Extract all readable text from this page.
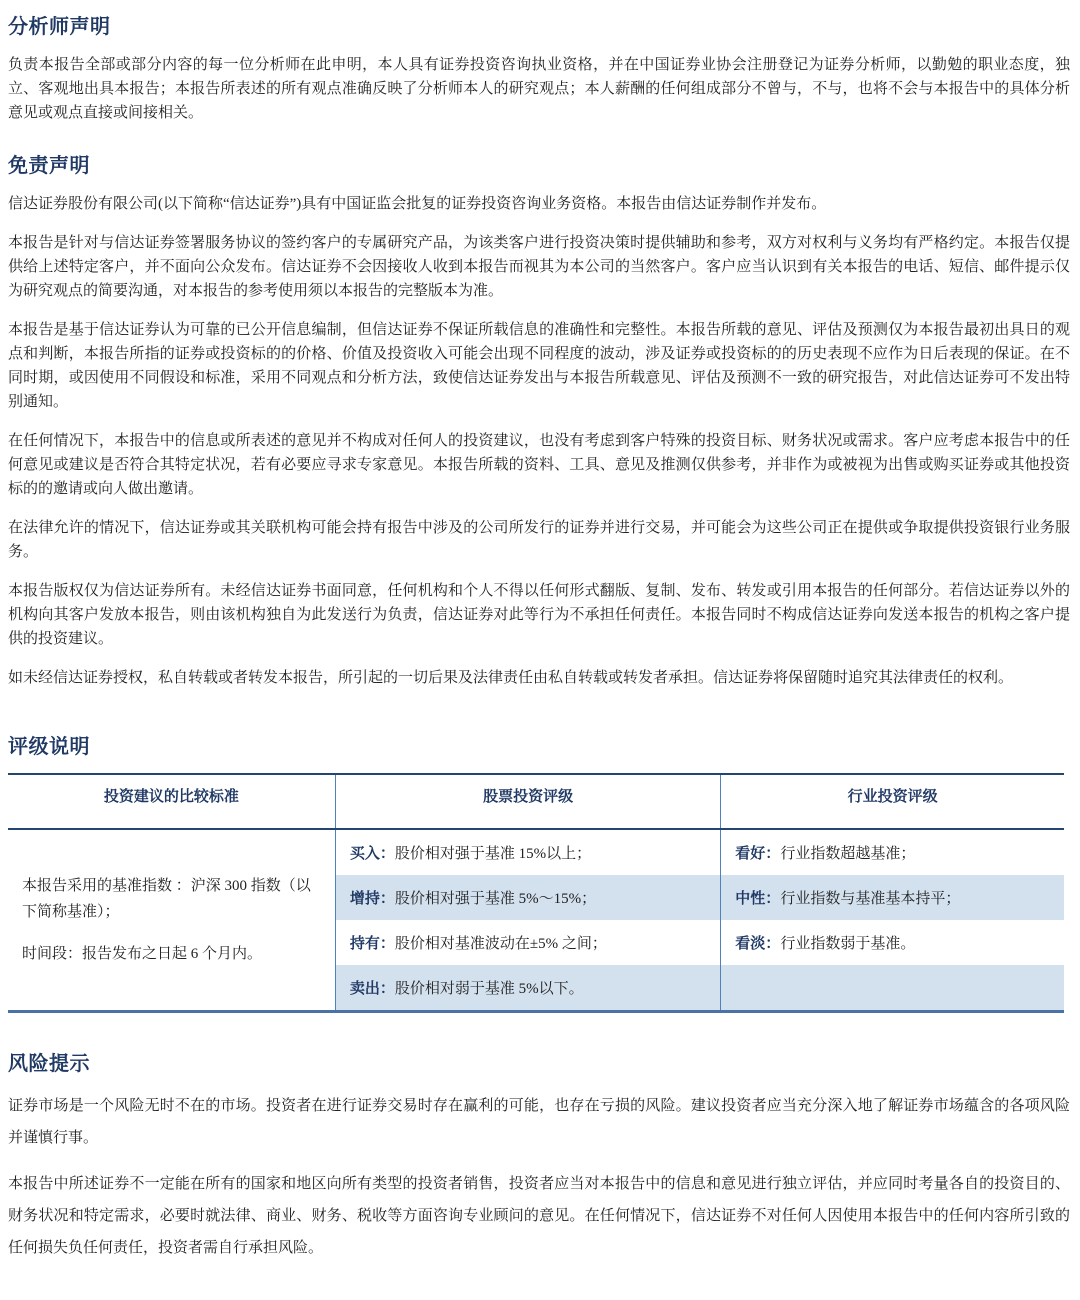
分析师声明

负责本报告全部或部分内容的每一位分析师在此申明，本人具有证券投资咨询执业资格，并在中国证券业协会注册登记为证券分析师，以勤勉的职业态度，独立、客观地出具本报告；本报告所表述的所有观点准确反映了分析师本人的研究观点；本人薪酬的任何组成部分不曾与，不与，也将不会与本报告中的具体分析意见或观点直接或间接相关。

免责声明

信达证券股份有限公司(以下简称“信达证券”)具有中国证监会批复的证券投资咨询业务资格。本报告由信达证券制作并发布。

本报告是针对与信达证券签署服务协议的签约客户的专属研究产品，为该类客户进行投资决策时提供辅助和参考，双方对权利与义务均有严格约定。本报告仅提供给上述特定客户，并不面向公众发布。信达证券不会因接收人收到本报告而视其为本公司的当然客户。客户应当认识到有关本报告的电话、短信、邮件提示仅为研究观点的简要沟通，对本报告的参考使用须以本报告的完整版本为准。

本报告是基于信达证券认为可靠的已公开信息编制，但信达证券不保证所载信息的准确性和完整性。本报告所载的意见、评估及预测仅为本报告最初出具日的观点和判断，本报告所指的证券或投资标的的价格、价值及投资收入可能会出现不同程度的波动，涉及证券或投资标的的历史表现不应作为日后表现的保证。在不同时期，或因使用不同假设和标准，采用不同观点和分析方法，致使信达证券发出与本报告所载意见、评估及预测不一致的研究报告，对此信达证券可不发出特别通知。

在任何情况下，本报告中的信息或所表述的意见并不构成对任何人的投资建议，也没有考虑到客户特殊的投资目标、财务状况或需求。客户应考虑本报告中的任何意见或建议是否符合其特定状况，若有必要应寻求专家意见。本报告所载的资料、工具、意见及推测仅供参考，并非作为或被视为出售或购买证券或其他投资标的的邀请或向人做出邀请。

在法律允许的情况下，信达证券或其关联机构可能会持有报告中涉及的公司所发行的证券并进行交易，并可能会为这些公司正在提供或争取提供投资银行业务服务。

本报告版权仅为信达证券所有。未经信达证券书面同意，任何机构和个人不得以任何形式翻版、复制、发布、转发或引用本报告的任何部分。若信达证券以外的机构向其客户发放本报告，则由该机构独自为此发送行为负责，信达证券对此等行为不承担任何责任。本报告同时不构成信达证券向发送本报告的机构之客户提供的投资建议。

如未经信达证券授权，私自转载或者转发本报告，所引起的一切后果及法律责任由私自转载或转发者承担。信达证券将保留随时追究其法律责任的权利。

评级说明
投资建议的比较标准	股票投资评级	行业投资评级

本报告采用的基准指数 ：沪深 300 指数（以下简称基准）；
时间段：报告发布之日起 6 个月内。	买入：股价相对强于基准 15%以上；	看好：行业指数超越基准；
	增持：股价相对强于基准 5%～15%；	中性：行业指数与基准基本持平；
	持有：股价相对基准波动在±5% 之间；	看淡：行业指数弱于基准。
	卖出：股价相对弱于基准 5%以下。	
风险提示

证券市场是一个风险无时不在的市场。投资者在进行证券交易时存在赢利的可能，也存在亏损的风险。建议投资者应当充分深入地了解证券市场蕴含的各项风险并谨慎行事。

本报告中所述证券不一定能在所有的国家和地区向所有类型的投资者销售，投资者应当对本报告中的信息和意见进行独立评估，并应同时考量各自的投资目的、财务状况和特定需求，必要时就法律、商业、财务、税收等方面咨询专业顾问的意见。在任何情况下，信达证券不对任何人因使用本报告中的任何内容所引致的任何损失负任何责任，投资者需自行承担风险。
